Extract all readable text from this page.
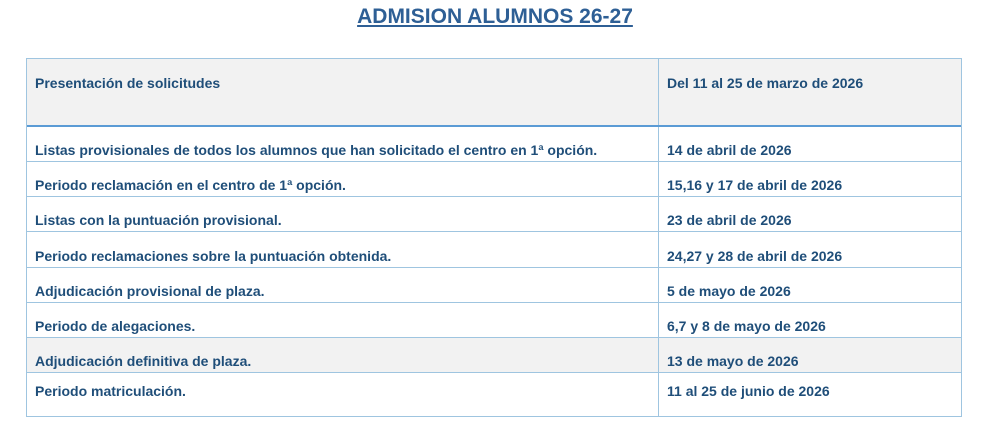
ADMISION ALUMNOS 26-27
Presentación de solicitudes	Del 11 al 25 de marzo de 2026
Listas provisionales de todos los alumnos que han solicitado el centro en 1ª opción.	14 de abril de 2026
Periodo reclamación en el centro de 1ª opción.	15,16 y 17 de abril de 2026
Listas con la puntuación provisional.	23 de abril de 2026
Periodo reclamaciones sobre la puntuación obtenida.	24,27 y 28 de abril de 2026
Adjudicación provisional de plaza.	5 de mayo de 2026
Periodo de alegaciones.	6,7 y 8 de mayo de 2026
Adjudicación definitiva de plaza.	13 de mayo de 2026
Periodo matriculación.	11 al 25 de junio de 2026
